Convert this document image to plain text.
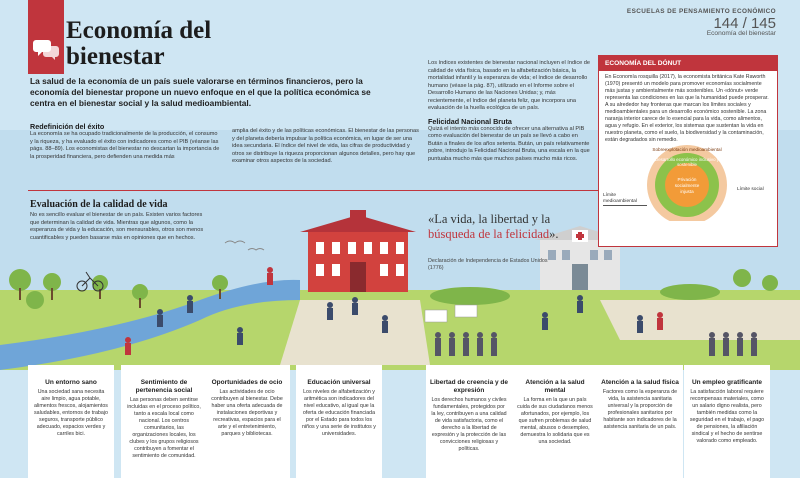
Economía del bienestar
ESCUELAS DE PENSAMIENTO ECONÓMICO
144 / 145
Economía del bienestar
La salud de la economía de un país suele valorarse en términos financieros, pero la economía del bienestar propone un nuevo enfoque en el que la política económica se centra en el bienestar social y la salud medioambiental.
Redefinición del éxito
La economía se ha ocupado tradicionalmente de la producción, el consumo y la riqueza, y ha evaluado el éxito con indicadores como el PIB (véanse las págs. 88–89). Los economistas del bienestar no descartan la importancia de la prosperidad financiera, pero defienden una medida más
amplia del éxito y de las políticas económicas. El bienestar de las personas y del planeta debería impulsar la política económica, en lugar de ser una idea secundaria. El índice del nivel de vida, las cifras de productividad y otros se distribuye la riqueza proporcionan algunos detalles, pero hay que examinar otros aspectos de la sociedad.
Los índices existentes de bienestar nacional incluyen el índice de calidad de vida física, basado en la alfabetización básica, la mortalidad infantil y la esperanza de vida; el índice de desarrollo humano (véase la pág. 87), utilizado en el Informe sobre el Desarrollo Humano de las Naciones Unidas; y, más recientemente, el índice del planeta feliz, que incorpora una evaluación de la huella ecológica de un país.
Felicidad Nacional Bruta
Quizá el intento más conocido de ofrecer una alternativa al PIB como evaluación del bienestar de un país se llevó a cabo en Bután a finales de los años setenta. Bután, un país relativamente pobre, introdujo la Felicidad Nacional Bruta, una escala en la que puntuaba mucho más que muchos países mucho más ricos.
ECONOMÍA DEL DÓNUT
En Economía rosquilla (2017), la economista británica Kate Raworth (1970) presentó un modelo para promover economías socialmente más justas y ambientalmente más sostenibles. Un «dónut» verde representa las condiciones en las que la humanidad puede prosperar. A su alrededor hay fronteras que marcan los límites sociales y medioambientales para un desarrollo económico sostenible. La zona naranja interior carece de lo esencial para la vida, como alimentos, agua y refugio. En el exterior, los sistemas que sustentan la vida en nuestro planeta, como el suelo, la biodiversidad y la contaminación, están degradados sin remedio.
Sobreexplotación medioambiental
Desarrollo económico inclusivo y sostenible
Privación socialmente injusta
Límite medioambiental
Límite social
Evaluación de la calidad de vida
No es sencillo evaluar el bienestar de un país. Existen varios factores que determinan la calidad de vida. Mientras que algunos, como la esperanza de vida y la educación, son mensurables, otros son menos cuantificables y pueden basarse más en opiniones que en hechos.
«La vida, la libertad y la búsqueda de la felicidad».
Declaración de Independencia de Estados Unidos (1776)
Un entorno sano
Una sociedad sana necesita aire limpio, agua potable, alimentos frescos, alojamientos saludables, entornos de trabajo seguros, transporte público adecuado, espacios verdes y carriles bici.
Sentimiento de pertenencia social
Las personas deben sentirse incluidas en el proceso político, tanto a escala local como nacional. Los centros comunitarios, las organizaciones locales, los clubes y los grupos religiosos contribuyen a fomentar el sentimiento de comunidad.
Oportunidades de ocio
Las actividades de ocio contribuyen al bienestar. Debe haber una oferta adecuada de instalaciones deportivas y recreativas, espacios para el arte y el entretenimiento, parques y bibliotecas.
Educación universal
Los niveles de alfabetización y aritmética son indicadores del nivel educativo, al igual que la oferta de educación financiada por el Estado para todos los niños y una serie de institutos y universidades.
Libertad de creencia y de expresión
Los derechos humanos y civiles fundamentales, protegidos por la ley, contribuyen a una calidad de vida satisfactoria, como el derecho a la libertad de expresión y la protección de las convicciones religiosas y políticas.
Atención a la salud mental
La forma en la que un país cuida de sus ciudadanos menos afortunados, por ejemplo, los que sufren problemas de salud mental, abusos o desempleo, demuestra lo solidaria que es una sociedad.
Atención a la salud física
Factores como la esperanza de vida, la asistencia sanitaria universal y la proporción de profesionales sanitarios por habitante son indicadores de la asistencia sanitaria de un país.
Un empleo gratificante
La satisfacción laboral requiere recompensas materiales, como un salario digno realista, pero también medidas como la seguridad en el trabajo, el pago de pensiones, la afiliación sindical y el hecho de sentirse valorado como empleado.
